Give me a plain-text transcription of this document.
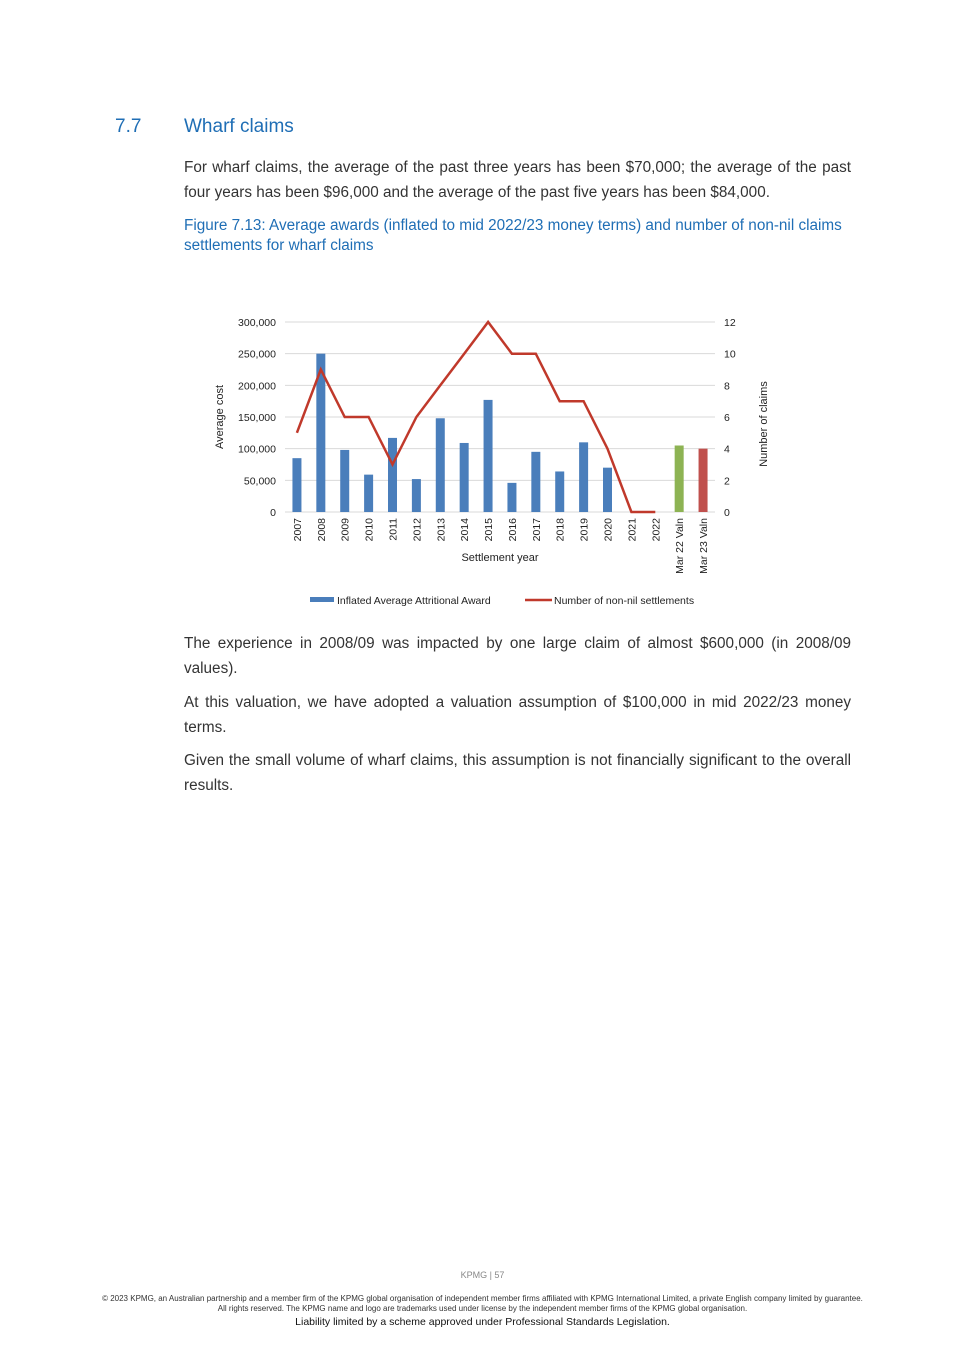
7.7 Wharf claims

For wharf claims, the average of the past three years has been $70,000; the average of the past four years has been $96,000 and the average of the past five years has been $84,000.

Figure 7.13: Average awards (inflated to mid 2022/23 money terms) and number of non-nil claims settlements for wharf claims

0
50,000
100,000
150,000
200,000
250,000
300,000
0
2
4
6
8
10
12
2007 2008 2009 2010 2011 2012 2013 2014 2015 2016 2017 2018 2019 2020 2021 2022 Mar 22 Valn Mar 23 Valn
Settlement year
Average cost	Number of claims
Inflated Average Attritional Award	Number of non-nil settlements

The experience in 2008/09 was impacted by one large claim of almost $600,000 (in 2008/09 values).

At this valuation, we have adopted a valuation assumption of $100,000 in mid 2022/23 money terms.

Given the small volume of wharf claims, this assumption is not financially significant to the overall results.

KPMG | 57
© 2023 KPMG, an Australian partnership and a member firm of the KPMG global organisation of independent member firms affiliated with KPMG International Limited, a private English company limited by guarantee. All rights reserved. The KPMG name and logo are trademarks used under license by the independent member firms of the KPMG global organisation.
Liability limited by a scheme approved under Professional Standards Legislation.
